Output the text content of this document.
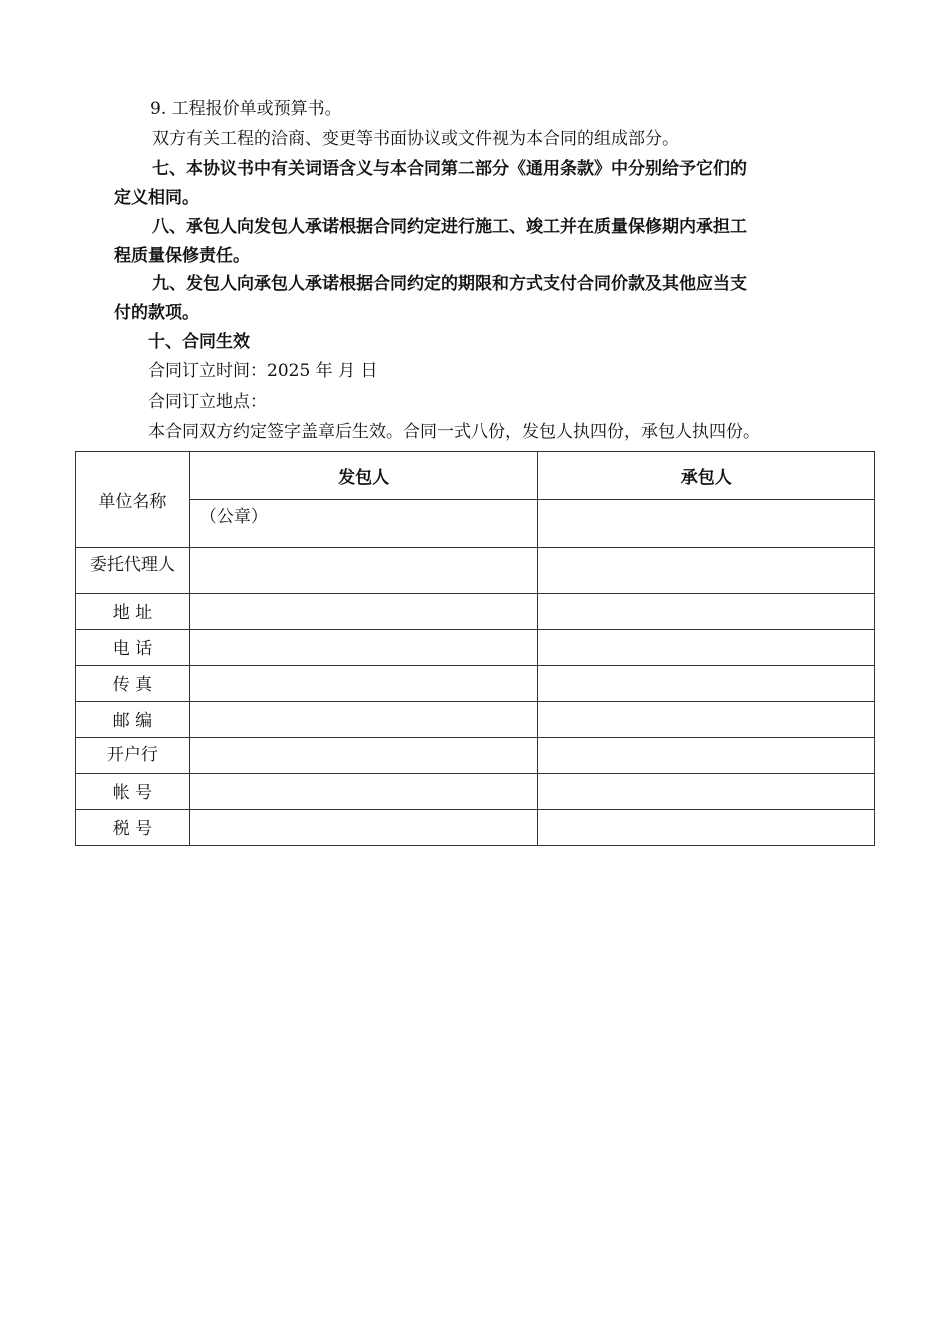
9. 工程报价单或预算书。
双方有关工程的洽商、变更等书面协议或文件视为本合同的组成部分。
七、本协议书中有关词语含义与本合同第二部分《通用条款》中分别给予它们的
定义相同。
八、承包人向发包人承诺根据合同约定进行施工、竣工并在质量保修期内承担工
程质量保修责任。
九、发包人向承包人承诺根据合同约定的期限和方式支付合同价款及其他应当支
付的款项。
十、合同生效
合同订立时间：2025 年 月 日
合同订立地点：
本合同双方约定签字盖章后生效。合同一式八份，发包人执四份，承包人执四份。
单位名称	发包人	承包人
	（公章）	
委托代理人		
地 址		
电 话		
传 真		
邮 编		
开户行		
帐 号		
税 号		
